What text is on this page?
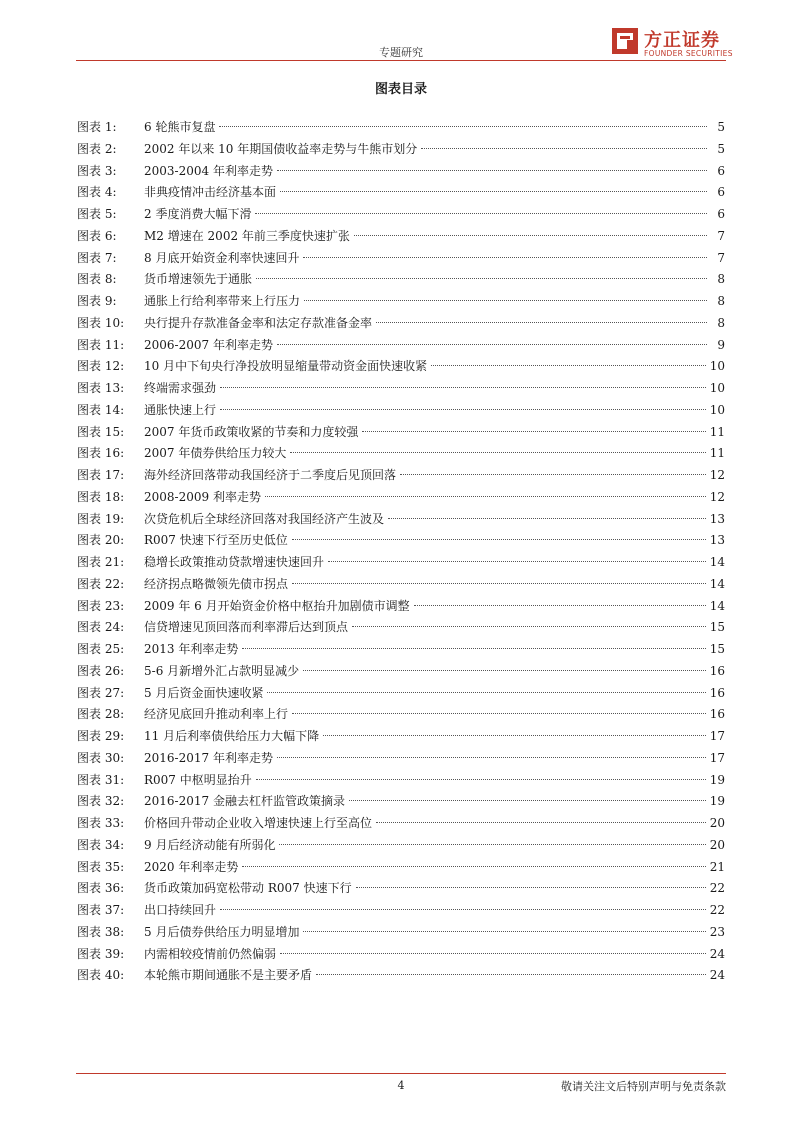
专题研究
方正证券
FOUNDER SECURITIES
图表目录
图表 1:	6 轮熊市复盘	5
图表 2:	2002 年以来 10 年期国债收益率走势与牛熊市划分	5
图表 3:	2003-2004 年利率走势	6
图表 4:	非典疫情冲击经济基本面	6
图表 5:	2 季度消费大幅下滑	6
图表 6:	M2 增速在 2002 年前三季度快速扩张	7
图表 7:	8 月底开始资金利率快速回升	7
图表 8:	货币增速领先于通胀	8
图表 9:	通胀上行给利率带来上行压力	8
图表 10:	央行提升存款准备金率和法定存款准备金率	8
图表 11:	2006-2007 年利率走势	9
图表 12:	10 月中下旬央行净投放明显缩量带动资金面快速收紧	10
图表 13:	终端需求强劲	10
图表 14:	通胀快速上行	10
图表 15:	2007 年货币政策收紧的节奏和力度较强	11
图表 16:	2007 年债券供给压力较大	11
图表 17:	海外经济回落带动我国经济于二季度后见顶回落	12
图表 18:	2008-2009 利率走势	12
图表 19:	次贷危机后全球经济回落对我国经济产生波及	13
图表 20:	R007 快速下行至历史低位	13
图表 21:	稳增长政策推动贷款增速快速回升	14
图表 22:	经济拐点略微领先债市拐点	14
图表 23:	2009 年 6 月开始资金价格中枢抬升加剧债市调整	14
图表 24:	信贷增速见顶回落而利率滞后达到顶点	15
图表 25:	2013 年利率走势	15
图表 26:	5-6 月新增外汇占款明显减少	16
图表 27:	5 月后资金面快速收紧	16
图表 28:	经济见底回升推动利率上行	16
图表 29:	11 月后利率债供给压力大幅下降	17
图表 30:	2016-2017 年利率走势	17
图表 31:	R007 中枢明显抬升	19
图表 32:	2016-2017 金融去杠杆监管政策摘录	19
图表 33:	价格回升带动企业收入增速快速上行至高位	20
图表 34:	9 月后经济动能有所弱化	20
图表 35:	2020 年利率走势	21
图表 36:	货币政策加码宽松带动 R007 快速下行	22
图表 37:	出口持续回升	22
图表 38:	5 月后债券供给压力明显增加	23
图表 39:	内需相较疫情前仍然偏弱	24
图表 40:	本轮熊市期间通胀不是主要矛盾	24
4	敬请关注文后特别声明与免责条款
